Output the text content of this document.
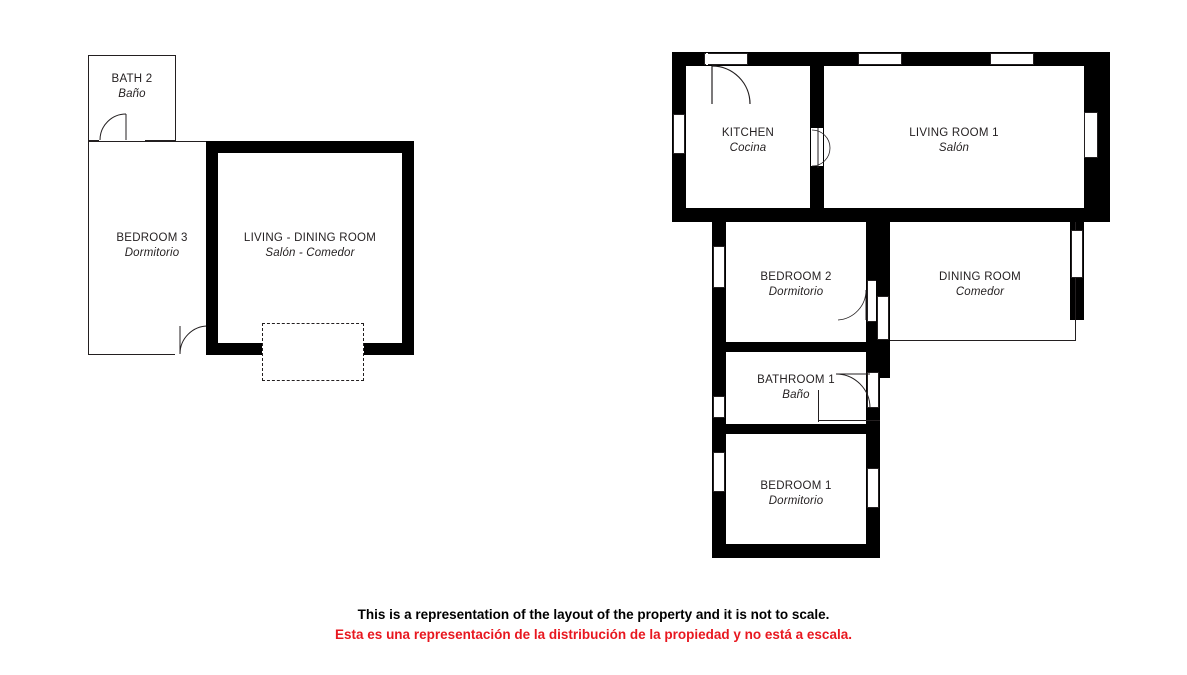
BATH 2
Baño
BEDROOM 3
Dormitorio
LIVING - DINING ROOM
Salón - Comedor
KITCHEN
Cocina
LIVING ROOM 1
Salón
BEDROOM 2
Dormitorio
DINING ROOM
Comedor
BATHROOM 1
Baño
BEDROOM 1
Dormitorio
This is a representation of the layout of the property and it is not to scale.
Esta es una representación de la distribución de la propiedad y no está a escala.
